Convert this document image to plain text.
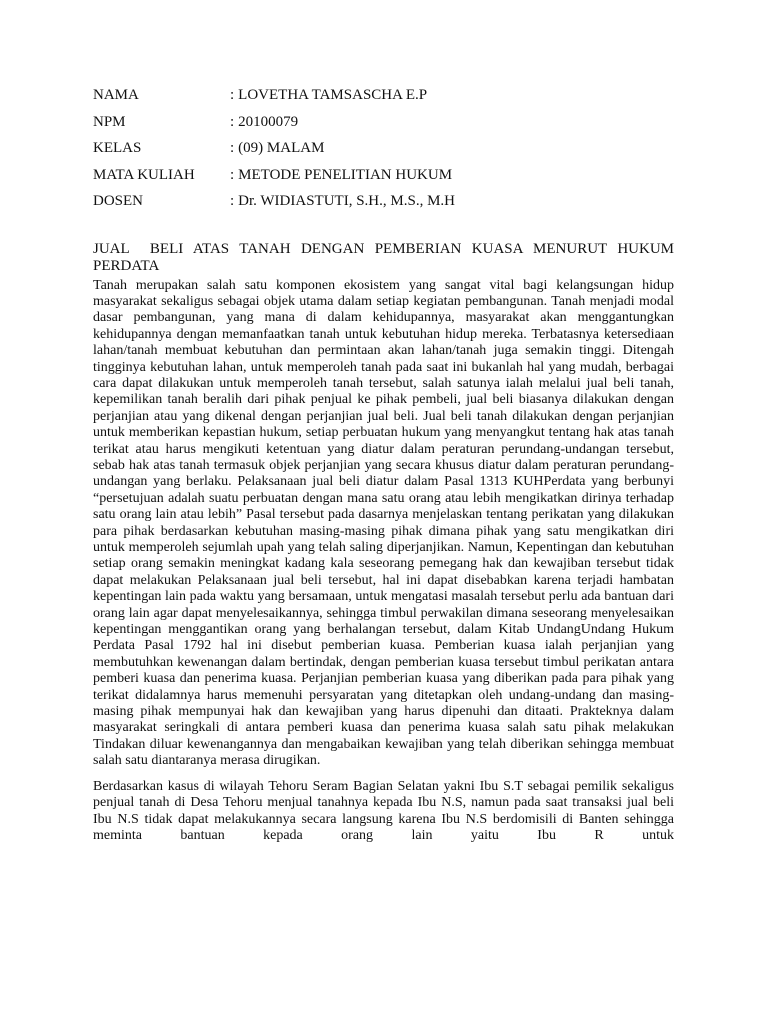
NAMA	: LOVETHA TAMSASCHA E.P
NPM	: 20100079
KELAS	: (09) MALAM
MATA KULIAH	: METODE PENELITIAN HUKUM
DOSEN	: Dr. WIDIASTUTI, S.H., M.S., M.H
JUAL  BELI ATAS TANAH DENGAN PEMBERIAN KUASA MENURUT HUKUM PERDATA

Tanah merupakan salah satu komponen ekosistem yang sangat vital bagi kelangsungan hidup masyarakat sekaligus sebagai objek utama dalam setiap kegiatan pembangunan. Tanah menjadi modal dasar pembangunan, yang mana di dalam kehidupannya, masyarakat akan menggantungkan kehidupannya dengan memanfaatkan tanah untuk kebutuhan hidup mereka. Terbatasnya ketersediaan lahan/tanah membuat kebutuhan dan permintaan akan lahan/tanah juga semakin tinggi. Ditengah tingginya kebutuhan lahan, untuk memperoleh tanah pada saat ini bukanlah hal yang mudah, berbagai cara dapat dilakukan untuk memperoleh tanah tersebut, salah satunya ialah melalui jual beli tanah, kepemilikan tanah beralih dari pihak penjual ke pihak pembeli, jual beli biasanya dilakukan dengan perjanjian atau yang dikenal dengan perjanjian jual beli. Jual beli tanah dilakukan dengan perjanjian untuk memberikan kepastian hukum, setiap perbuatan hukum yang menyangkut tentang hak atas tanah terikat atau harus mengikuti ketentuan yang diatur dalam peraturan perundang-undangan tersebut, sebab hak atas tanah termasuk objek perjanjian yang secara khusus diatur dalam peraturan perundang-undangan yang berlaku. Pelaksanaan jual beli diatur dalam Pasal 1313 KUHPerdata yang berbunyi “persetujuan adalah suatu perbuatan dengan mana satu orang atau lebih mengikatkan dirinya terhadap satu orang lain atau lebih” Pasal tersebut pada dasarnya menjelaskan tentang perikatan yang dilakukan para pihak berdasarkan kebutuhan masing-masing pihak dimana pihak yang satu mengikatkan diri untuk memperoleh sejumlah upah yang telah saling diperjanjikan. Namun, Kepentingan dan kebutuhan setiap orang semakin meningkat kadang kala seseorang pemegang hak dan kewajiban tersebut tidak dapat melakukan Pelaksanaan jual beli tersebut, hal ini dapat disebabkan karena terjadi hambatan kepentingan lain pada waktu yang bersamaan, untuk mengatasi masalah tersebut perlu ada bantuan dari orang lain agar dapat menyelesaikannya, sehingga timbul perwakilan dimana seseorang menyelesaikan kepentingan menggantikan orang yang berhalangan tersebut, dalam Kitab UndangUndang Hukum Perdata Pasal 1792 hal ini disebut pemberian kuasa. Pemberian kuasa ialah perjanjian yang membutuhkan kewenangan dalam bertindak, dengan pemberian kuasa tersebut timbul perikatan antara pemberi kuasa dan penerima kuasa. Perjanjian pemberian kuasa yang diberikan pada para pihak yang terikat didalamnya harus memenuhi persyaratan yang ditetapkan oleh undang-undang dan masing-masing pihak mempunyai hak dan kewajiban yang harus dipenuhi dan ditaati. Prakteknya dalam masyarakat seringkali di antara pemberi kuasa dan penerima kuasa salah satu pihak melakukan Tindakan diluar kewenangannya dan mengabaikan kewajiban yang telah diberikan sehingga membuat salah satu diantaranya merasa dirugikan.

Berdasarkan kasus di wilayah Tehoru Seram Bagian Selatan yakni Ibu S.T sebagai pemilik sekaligus penjual tanah di Desa Tehoru menjual tanahnya kepada Ibu N.S, namun pada saat transaksi jual beli Ibu N.S tidak dapat melakukannya secara langsung karena Ibu N.S berdomisili di Banten sehingga meminta bantuan kepada orang lain yaitu Ibu R untuk
